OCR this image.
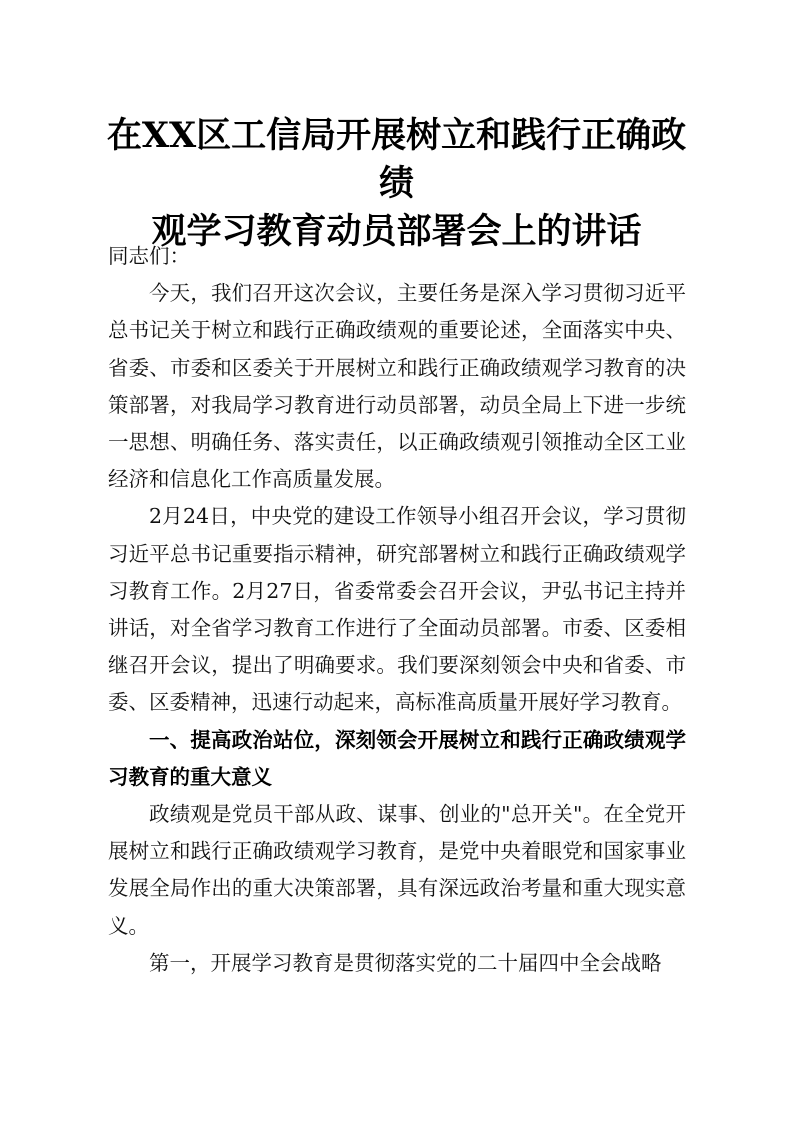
在XX区工信局开展树立和践行正确政绩
观学习教育动员部署会上的讲话

同志们：

今天，我们召开这次会议，主要任务是深入学习贯彻习近平总书记关于树立和践行正确政绩观的重要论述，全面落实中央、省委、市委和区委关于开展树立和践行正确政绩观学习教育的决策部署，对我局学习教育进行动员部署，动员全局上下进一步统一思想、明确任务、落实责任，以正确政绩观引领推动全区工业经济和信息化工作高质量发展。

2月24日，中央党的建设工作领导小组召开会议，学习贯彻习近平总书记重要指示精神，研究部署树立和践行正确政绩观学习教育工作。2月27日，省委常委会召开会议，尹弘书记主持并讲话，对全省学习教育工作进行了全面动员部署。市委、区委相继召开会议，提出了明确要求。我们要深刻领会中央和省委、市委、区委精神，迅速行动起来，高标准高质量开展好学习教育。

一、提高政治站位，深刻领会开展树立和践行正确政绩观学习教育的重大意义

政绩观是党员干部从政、谋事、创业的"总开关"。在全党开展树立和践行正确政绩观学习教育，是党中央着眼党和国家事业发展全局作出的重大决策部署，具有深远政治考量和重大现实意义。

第一，开展学习教育是贯彻落实党的二十届四中全会战略
